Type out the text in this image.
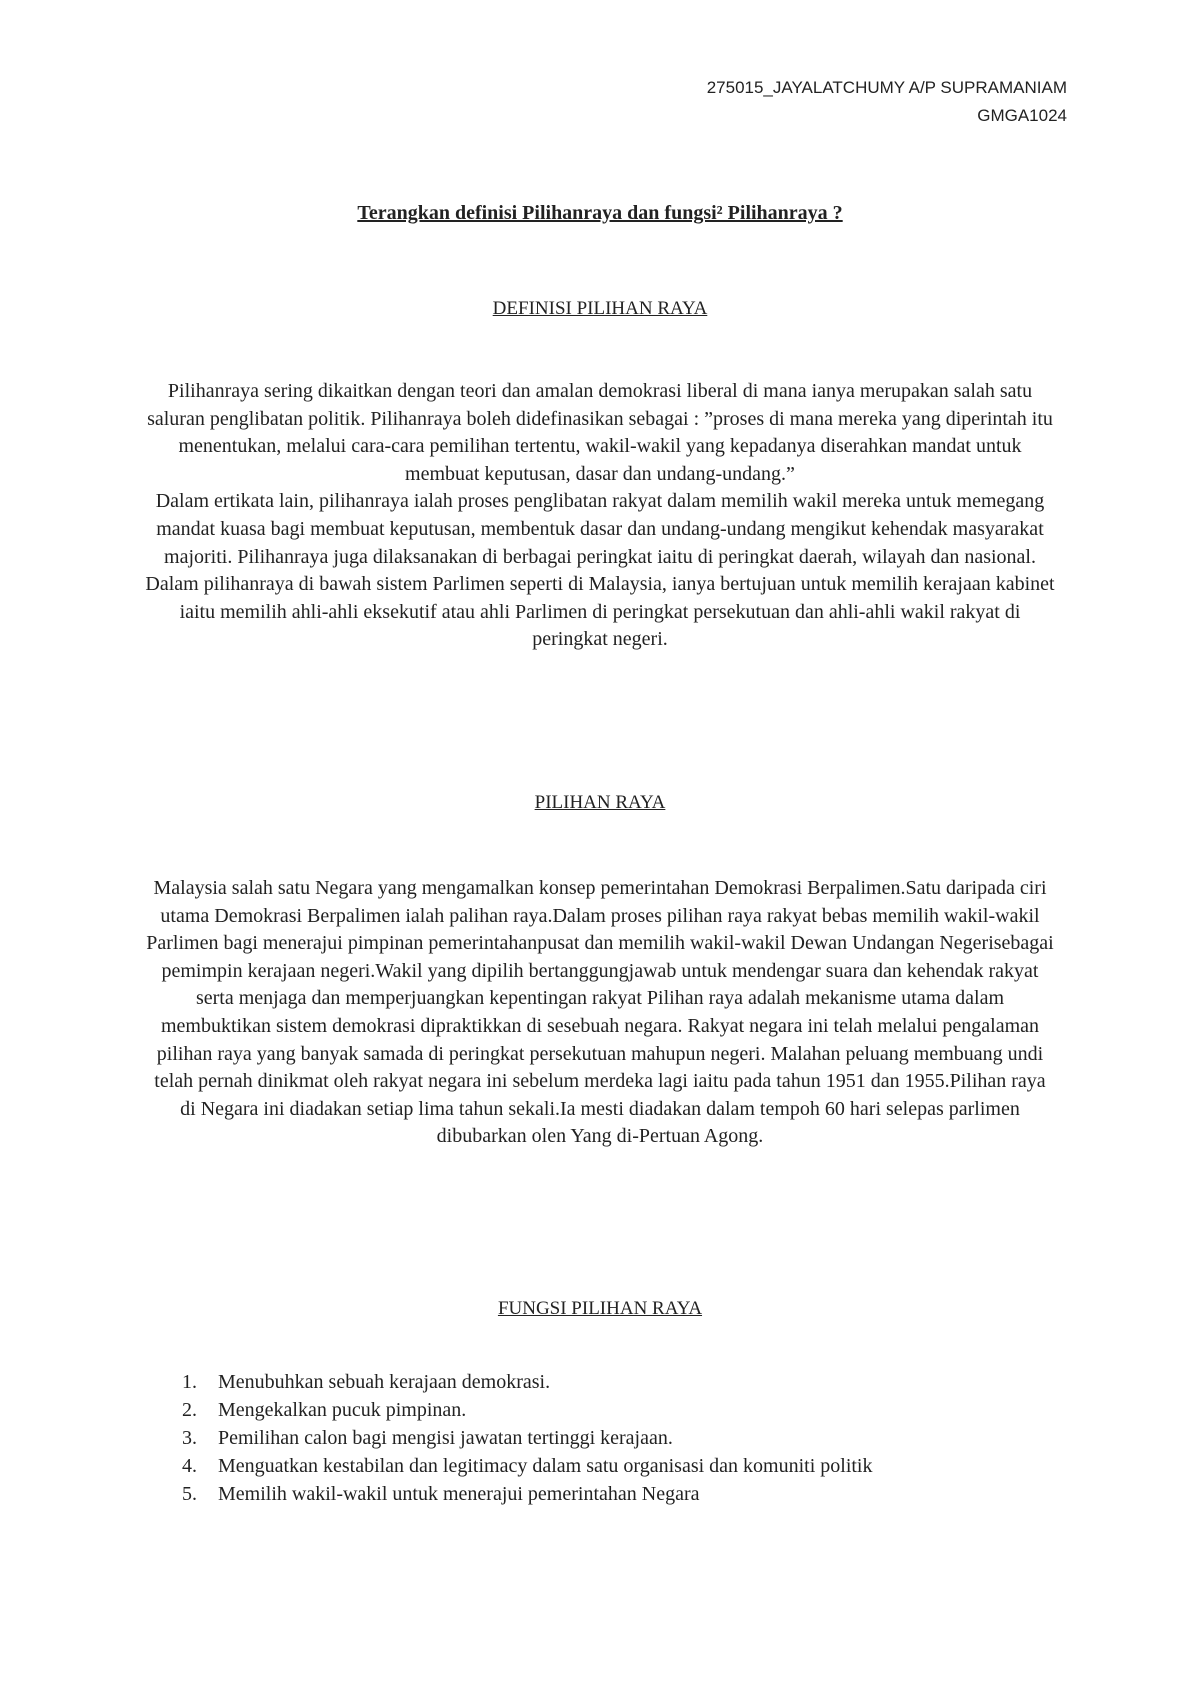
275015_JAYALATCHUMY A/P SUPRAMANIAM
GMGA1024
Terangkan definisi Pilihanraya dan fungsi² Pilihanraya ?
DEFINISI PILIHAN RAYA
Pilihanraya sering dikaitkan dengan teori dan amalan demokrasi liberal di mana ianya merupakan salah satu saluran penglibatan politik. Pilihanraya boleh didefinasikan sebagai : ”proses di mana mereka yang diperintah itu menentukan, melalui cara-cara pemilihan tertentu, wakil-wakil yang kepadanya diserahkan mandat untuk membuat keputusan, dasar dan undang-undang.”
Dalam ertikata lain, pilihanraya ialah proses penglibatan rakyat dalam memilih wakil mereka untuk memegang mandat kuasa bagi membuat keputusan, membentuk dasar dan undang-undang mengikut kehendak masyarakat majoriti. Pilihanraya juga dilaksanakan di berbagai peringkat iaitu di peringkat daerah, wilayah dan nasional.
Dalam pilihanraya di bawah sistem Parlimen seperti di Malaysia, ianya bertujuan untuk memilih kerajaan kabinet iaitu memilih ahli-ahli eksekutif atau ahli Parlimen di peringkat persekutuan dan ahli-ahli wakil rakyat di peringkat negeri.
PILIHAN RAYA
Malaysia salah satu Negara yang mengamalkan konsep pemerintahan Demokrasi Berpalimen.Satu daripada ciri utama Demokrasi Berpalimen ialah palihan raya.Dalam proses pilihan raya rakyat bebas memilih wakil-wakil Parlimen bagi menerajui pimpinan pemerintahanpusat dan memilih wakil-wakil Dewan Undangan Negerisebagai pemimpin kerajaan negeri.Wakil yang dipilih bertanggungjawab untuk mendengar suara dan kehendak rakyat serta menjaga dan memperjuangkan kepentingan rakyat Pilihan raya adalah mekanisme utama dalam membuktikan sistem demokrasi dipraktikkan di sesebuah negara. Rakyat negara ini telah melalui pengalaman pilihan raya yang banyak samada di peringkat persekutuan mahupun negeri. Malahan peluang membuang undi telah pernah dinikmat oleh rakyat negara ini sebelum merdeka lagi iaitu pada tahun 1951 dan 1955.Pilihan raya di Negara ini diadakan setiap lima tahun sekali.Ia mesti diadakan dalam tempoh 60 hari selepas parlimen dibubarkan olen Yang di-Pertuan Agong.
FUNGSI PILIHAN RAYA
1.	Menubuhkan sebuah kerajaan demokrasi.
2.	Mengekalkan pucuk pimpinan.
3.	Pemilihan calon bagi mengisi jawatan tertinggi kerajaan.
4.	Menguatkan kestabilan dan legitimacy dalam satu organisasi dan komuniti politik
5.	Memilih wakil-wakil untuk menerajui pemerintahan Negara
